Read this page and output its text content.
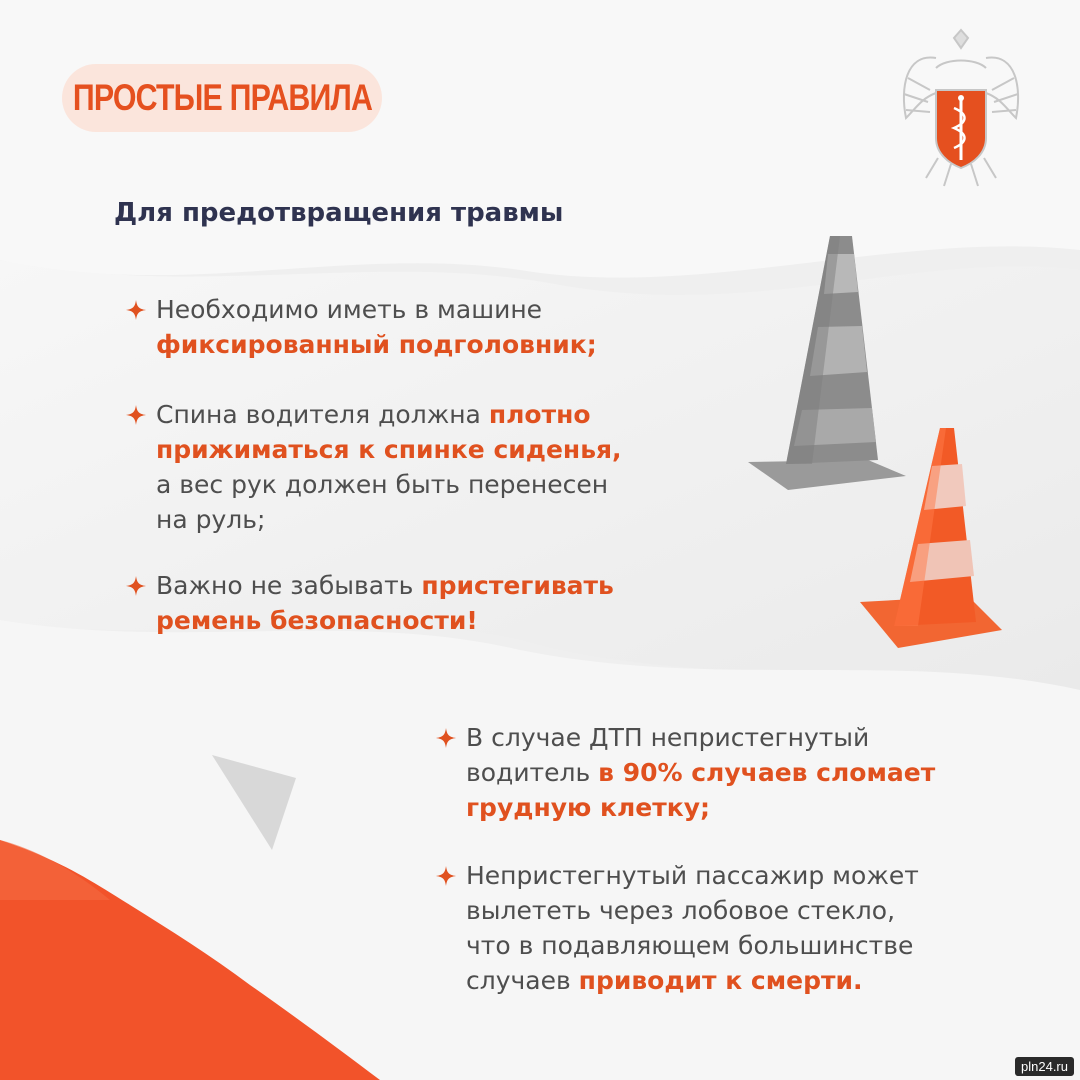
ПРОСТЫЕ ПРАВИЛА
Для предотвращения травмы
Необходимо иметь в машине
фиксированный подголовник;
Спина водителя должна плотно
прижиматься к спинке сиденья,
а вес рук должен быть перенесен
на руль;
Важно не забывать пристегивать
ремень безопасности!
В случае ДТП непристегнутый
водитель в 90% случаев сломает
грудную клетку;
Непристегнутый пассажир может
вылететь через лобовое стекло,
что в подавляющем большинстве
случаев приводит к смерти.
pln24.ru
